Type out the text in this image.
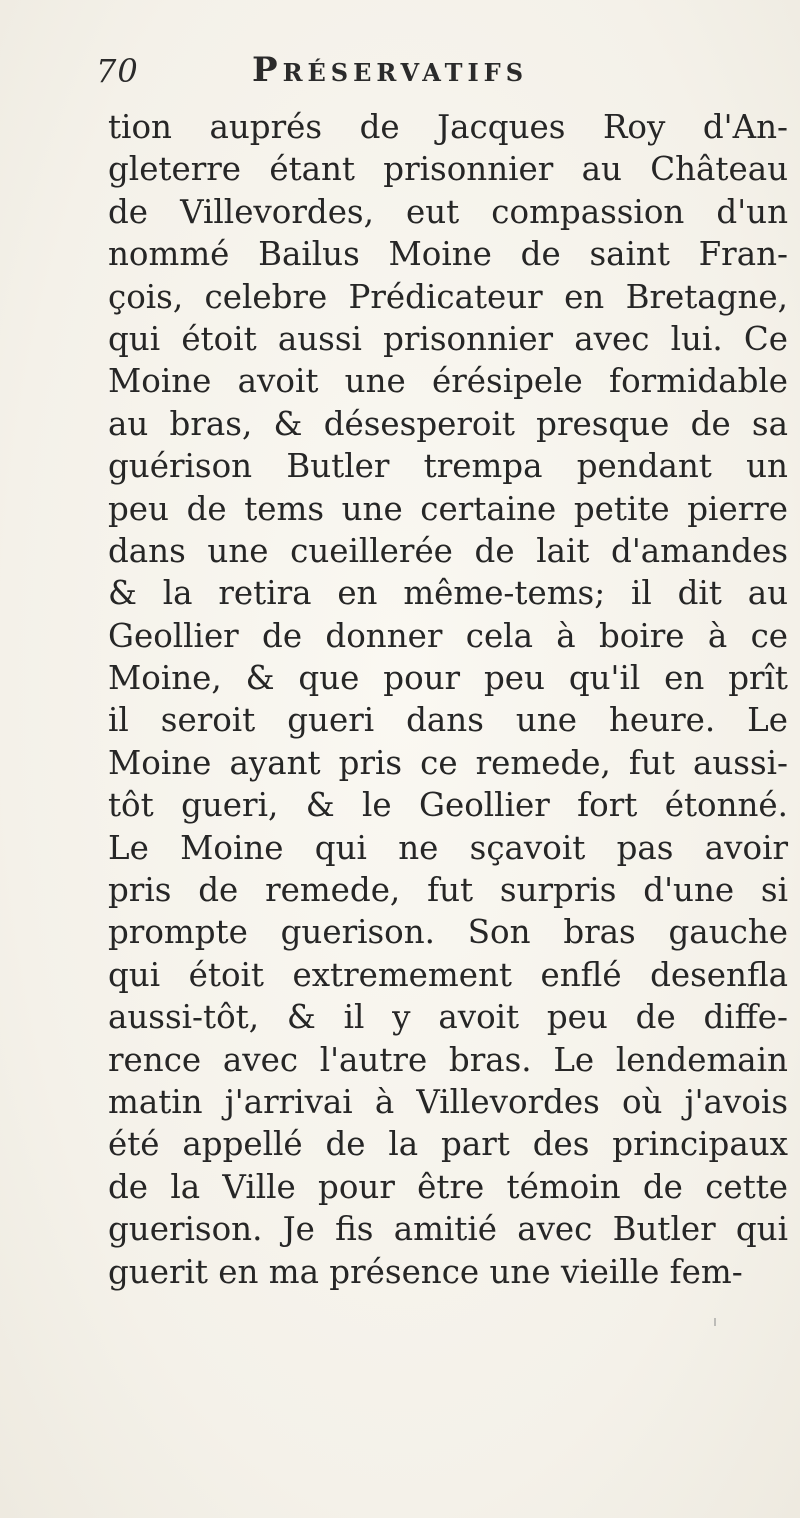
70	Préservatifs
tion auprés de Jacques Roy d'An-
gleterre étant prisonnier au Château
de Villevordes, eut compassion d'un
nommé Bailus Moine de saint Fran-
çois, celebre Prédicateur en Bretagne,
qui étoit aussi prisonnier avec lui. Ce
Moine avoit une érésipele formidable
au bras, & désesperoit presque de sa
guérison Butler trempa pendant un
peu de tems une certaine petite pierre
dans une cueillerée de lait d'amandes
& la retira en même-tems; il dit au
Geollier de donner cela à boire à ce
Moine, & que pour peu qu'il en prît
il seroit gueri dans une heure. Le
Moine ayant pris ce remede, fut aussi-
tôt gueri, & le Geollier fort étonné.
Le Moine qui ne sçavoit pas avoir
pris de remede, fut surpris d'une si
prompte guerison. Son bras gauche
qui étoit extremement enflé desenfla
aussi-tôt, & il y avoit peu de diffe-
rence avec l'autre bras. Le lendemain
matin j'arrivai à Villevordes où j'avois
été appellé de la part des principaux
de la Ville pour être témoin de cette
guerison. Je fis amitié avec Butler qui
guerit en ma présence une vieille fem-
